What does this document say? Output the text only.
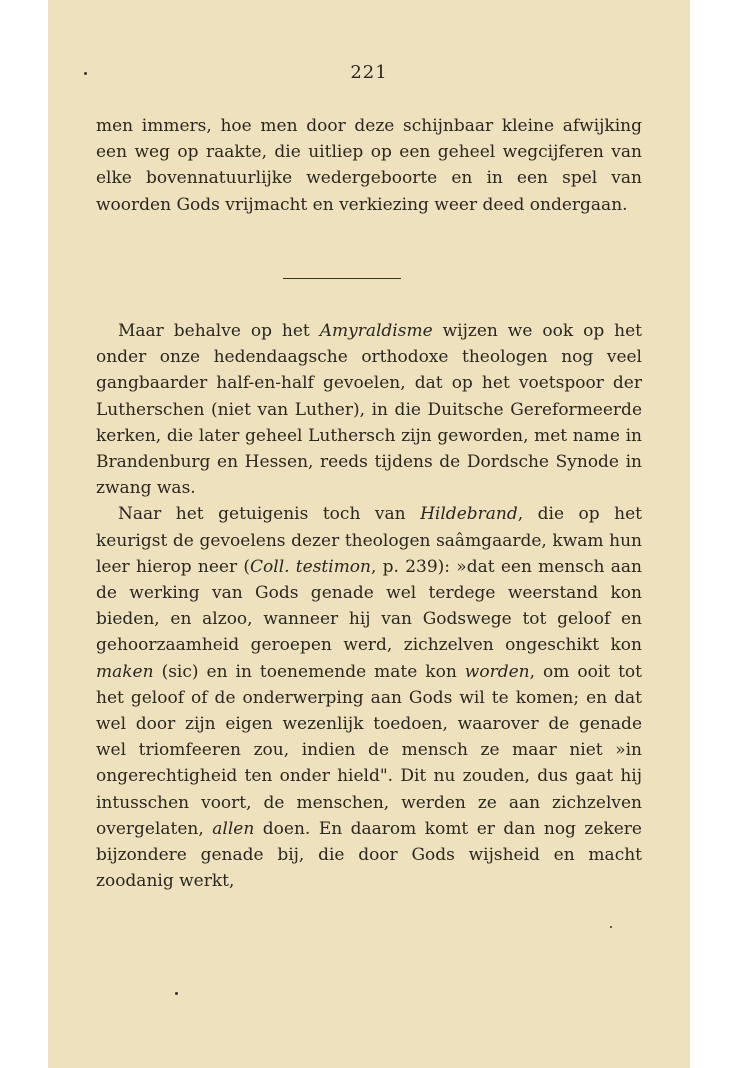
221

men immers, hoe men door deze schijnbaar kleine afwijking een weg op raakte, die uitliep op een geheel wegcijferen van elke bovennatuurlijke wedergeboorte en in een spel van woorden Gods vrijmacht en verkiezing weer deed ondergaan.

Maar behalve op het Amyraldisme wijzen we ook op het onder onze hedendaagsche orthodoxe theologen nog veel gangbaarder half-en-half gevoelen, dat op het voetspoor der Lutherschen (niet van Luther), in die Duitsche Gereformeerde kerken, die later geheel Luthersch zijn geworden, met name in Brandenburg en Hessen, reeds tijdens de Dordsche Synode in zwang was.

Naar het getuigenis toch van Hildebrand, die op het keurigst de gevoelens dezer theologen saâmgaarde, kwam hun leer hierop neer (Coll. testimon, p. 239): »dat een mensch aan de werking van Gods genade wel terdege weerstand kon bieden, en alzoo, wanneer hij van Godswege tot geloof en gehoorzaamheid geroepen werd, zichzelven ongeschikt kon maken (sic) en in toenemende mate kon worden, om ooit tot het geloof of de onderwerping aan Gods wil te komen; en dat wel door zijn eigen wezenlijk toedoen, waarover de genade wel triomfeeren zou, indien de mensch ze maar niet »in ongerechtigheid ten onder hield". Dit nu zouden, dus gaat hij intusschen voort, de menschen, werden ze aan zichzelven overgelaten, allen doen. En daarom komt er dan nog zekere bijzondere genade bij, die door Gods wijsheid en macht zoodanig werkt,
